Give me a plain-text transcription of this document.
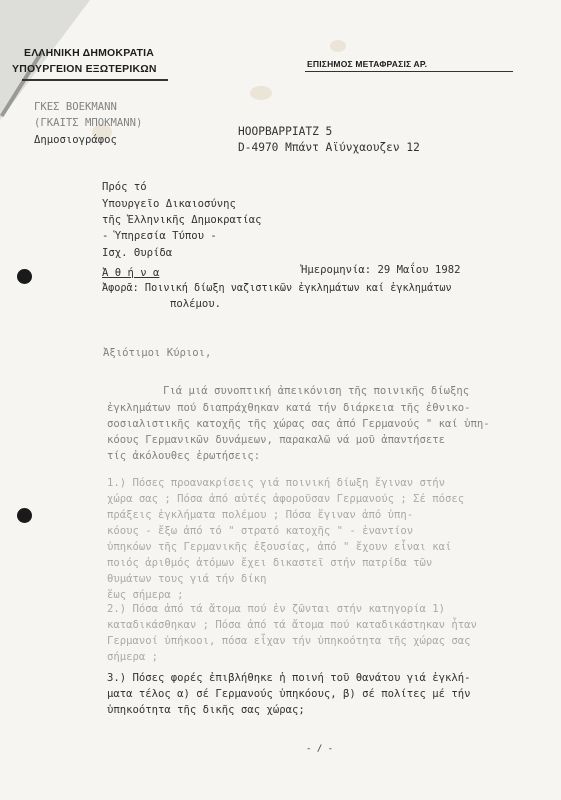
ΕΛΛΗΝΙΚΗ ΔΗΜΟΚΡΑΤΙΑ
ΥΠΟΥΡΓΕΙΟΝ ΕΞΩΤΕΡΙΚΩΝ	ΕΠΙΣΗΜΟΣ ΜΕΤΑΦΡΑΣΙΣ ΑΡ.
ΓΚΕΣ ΒΟΕΚΜΑΝΝ
(ΓΚΑΙΤΣ ΜΠΟΚΜΑΝΝ)
Δημοσιογράφος
ΗΟΟΡΒΑΡΡΙΑΤΖ 5
D-4970 Μπάντ Αϊύνχαουζεν 12
Πρός τό
Υπουργεῖο Δικαιοσύνης
τῆς Ἑλληνικῆς Δημοκρατίας
- Ὑπηρεσία Τύπου -
Ισχ. Θυρίδα
Ἀ θ ή ν α	Ἡμερομηνία: 29 Μαΐου 1982
Ἀφορᾶ: Ποινική δίωξη ναζιστικῶν ἐγκλημάτων καί ἐγκλημάτων
πολέμου.
Ἀξιότιμοι Κύριοι,
Γιά μιά συνοπτική ἀπεικόνιση τῆς ποινικῆς δίωξης
ἐγκλημάτων πού διαπράχθηκαν κατά τήν διάρκεια τῆς ἐθνικο-
σοσιαλιστικῆς κατοχῆς τῆς χώρας σας ἀπό Γερμανούς " καί ὑπη-
κόους Γερμανικῶν δυνάμεων, παρακαλῶ νά μοῦ ἀπαντήσετε
τίς ἀκόλουθες ἐρωτήσεις:
1.) Πόσες προανακρίσεις γιά ποινική δίωξη ἔγιναν στήν
χώρα σας ; Πόσα ἀπό αὐτές ἀφοροῦσαν Γερμανούς ; Σέ πόσες
πράξεις ἐγκλήματα πολέμου ; Πόσα ἔγιναν ἀπό ὑπη-
κόους - ἔξω ἀπό τό " στρατό κατοχῆς " - ἐναντίον
ὑπηκόων τῆς Γερμανικῆς ἐξουσίας, ἀπό " ἔχουν εἶναι καί
ποιός ἀριθμός ἀτόμων ἔχει δικαστεῖ στήν πατρίδα τῶν
θυμάτων τους γιά τήν δίκη
ἕως σήμερα ;
2.) Πόσα ἀπό τά ἄτομα πού ἐν ζῶνται στήν κατηγορία 1)
καταδικάσθηκαν ; Πόσα ἀπό τά ἄτομα πού καταδικάστηκαν ἦταν
Γερμανοί ὑπήκοοι, πόσα εἶχαν τήν ὑπηκοότητα τῆς χώρας σας
σήμερα ;
3.) Πόσες φορές ἐπιβλήθηκε ἡ ποινή τοῦ θανάτου γιά ἐγκλή-
ματα τέλος α) σέ Γερμανούς ὑπηκόους, β) σέ πολίτες μέ τήν
ὑπηκοότητα τῆς δικῆς σας χώρας;
- / -
